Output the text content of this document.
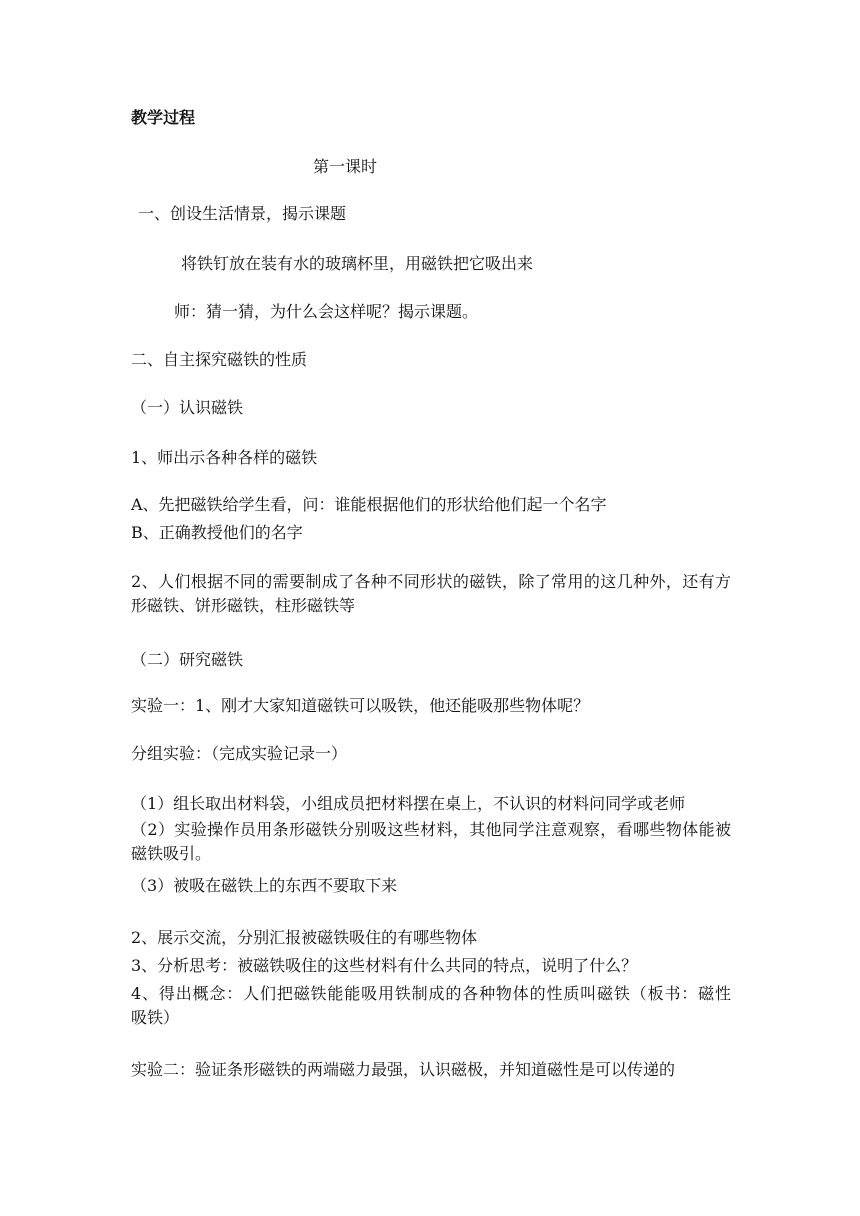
教学过程
第一课时
一、创设生活情景，揭示课题
将铁钉放在装有水的玻璃杯里，用磁铁把它吸出来
师：猜一猜，为什么会这样呢？揭示课题。
二、自主探究磁铁的性质
（一）认识磁铁
1、师出示各种各样的磁铁
A、先把磁铁给学生看，问：谁能根据他们的形状给他们起一个名字
B、正确教授他们的名字
2、人们根据不同的需要制成了各种不同形状的磁铁，除了常用的这几种外，还有方形磁铁、饼形磁铁，柱形磁铁等
（二）研究磁铁
实验一：1、刚才大家知道磁铁可以吸铁，他还能吸那些物体呢？
分组实验：（完成实验记录一）
（1）组长取出材料袋，小组成员把材料摆在桌上，不认识的材料问同学或老师
（2）实验操作员用条形磁铁分别吸这些材料，其他同学注意观察，看哪些物体能被磁铁吸引。
（3）被吸在磁铁上的东西不要取下来
2、展示交流，分别汇报被磁铁吸住的有哪些物体
3、分析思考：被磁铁吸住的这些材料有什么共同的特点，说明了什么？
4、得出概念：人们把磁铁能能吸用铁制成的各种物体的性质叫磁铁（板书：磁性　吸铁）
实验二：验证条形磁铁的两端磁力最强，认识磁极，并知道磁性是可以传递的
